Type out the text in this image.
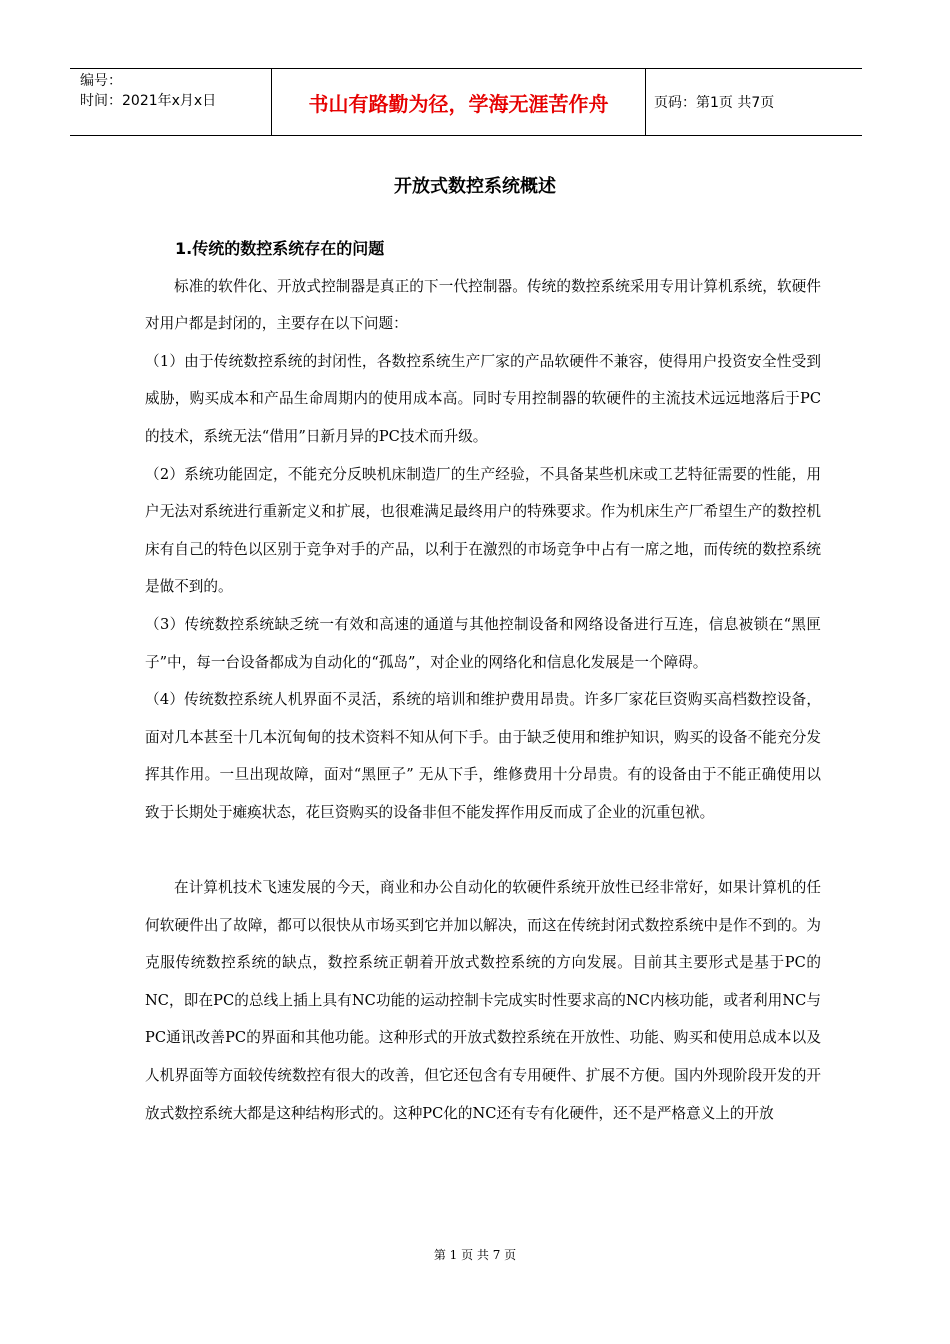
编号：
时间：2021年x月x日	书山有路勤为径，学海无涯苦作舟	页码：第1页 共7页
开放式数控系统概述

1.传统的数控系统存在的问题

标准的软件化、开放式控制器是真正的下一代控制器。传统的数控系统采用专用计算机系统，软硬件对用户都是封闭的，主要存在以下问题：

（1）由于传统数控系统的封闭性，各数控系统生产厂家的产品软硬件不兼容，使得用户投资安全性受到威胁，购买成本和产品生命周期内的使用成本高。同时专用控制器的软硬件的主流技术远远地落后于PC的技术，系统无法“借用”日新月异的PC技术而升级。

（2）系统功能固定，不能充分反映机床制造厂的生产经验，不具备某些机床或工艺特征需要的性能，用户无法对系统进行重新定义和扩展，也很难满足最终用户的特殊要求。作为机床生产厂希望生产的数控机床有自己的特色以区别于竞争对手的产品，以利于在激烈的市场竞争中占有一席之地，而传统的数控系统是做不到的。

（3）传统数控系统缺乏统一有效和高速的通道与其他控制设备和网络设备进行互连，信息被锁在“黑匣子”中，每一台设备都成为自动化的“孤岛”，对企业的网络化和信息化发展是一个障碍。

（4）传统数控系统人机界面不灵活，系统的培训和维护费用昂贵。许多厂家花巨资购买高档数控设备，面对几本甚至十几本沉甸甸的技术资料不知从何下手。由于缺乏使用和维护知识，购买的设备不能充分发挥其作用。一旦出现故障，面对“黑匣子” 无从下手，维修费用十分昂贵。有的设备由于不能正确使用以致于长期处于瘫痪状态，花巨资购买的设备非但不能发挥作用反而成了企业的沉重包袱。

在计算机技术飞速发展的今天，商业和办公自动化的软硬件系统开放性已经非常好，如果计算机的任何软硬件出了故障，都可以很快从市场买到它并加以解决，而这在传统封闭式数控系统中是作不到的。为克服传统数控系统的缺点，数控系统正朝着开放式数控系统的方向发展。目前其主要形式是基于PC的NC，即在PC的总线上插上具有NC功能的运动控制卡完成实时性要求高的NC内核功能，或者利用NC与PC通讯改善PC的界面和其他功能。这种形式的开放式数控系统在开放性、功能、购买和使用总成本以及人机界面等方面较传统数控有很大的改善，但它还包含有专用硬件、扩展不方便。国内外现阶段开发的开放式数控系统大都是这种结构形式的。这种PC化的NC还有专有化硬件，还不是严格意义上的开放

第 1 页 共 7 页
